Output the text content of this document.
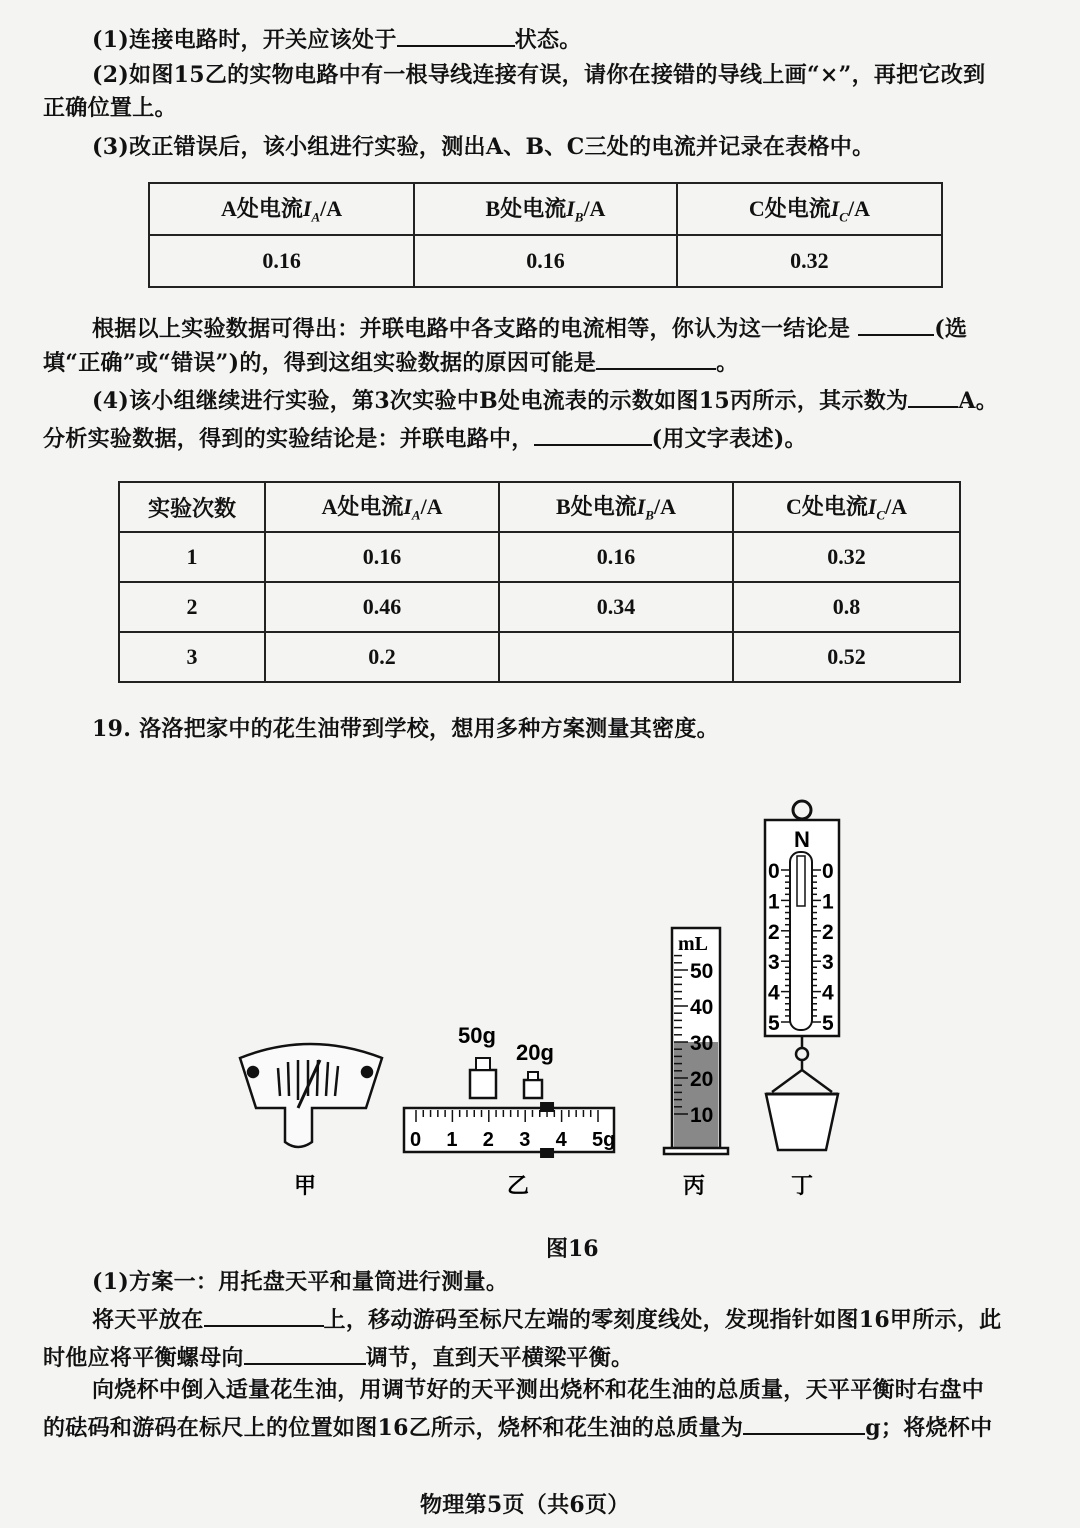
(1)连接电路时，开关应该处于	状态。
(2)如图15乙的实物电路中有一根导线连接有误，请你在接错的导线上画“×”，再把它改到
正确位置上。
(3)改正错误后，该小组进行实验，测出A、B、C三处的电流并记录在表格中。
A处电流$I_A/A$	B处电流$I_B/A$	C处电流$I_C/A$
0.16	0.16	0.32
根据以上实验数据可得出：并联电路中各支路的电流相等，你认为这一结论是	(选
填“正确”或“错误”)的，得到这组实验数据的原因可能是	。
(4)该小组继续进行实验，第3次实验中B处电流表的示数如图15丙所示，其示数为 A。
分析实验数据，得到的实验结论是：并联电路中，	(用文字表述)。
实验次数	A处电流$I_A/A$	B处电流$I_B/A$	C处电流$I_C/A$
1	0.16	0.16	0.32
2	0.46	0.34	0.8
3	0.2		0.52
19. 洛洛把家中的花生油带到学校，想用多种方案测量其密度。
50g
20g
0 1 2 3 4 5g
mL
50
40
30
20
10
N
0 0
1 1
2 2
3 3
4 4
5 5
甲	乙	丙	丁
图16
(1)方案一：用托盘天平和量筒进行测量。
将天平放在	上，移动游码至标尺左端的零刻度线处，发现指针如图16甲所示，此
时他应将平衡螺母向	调节，直到天平横梁平衡。
向烧杯中倒入适量花生油，用调节好的天平测出烧杯和花生油的总质量，天平平衡时右盘中
的砝码和游码在标尺上的位置如图16乙所示，烧杯和花生油的总质量为	g；将烧杯中
物理第5页（共6页）
